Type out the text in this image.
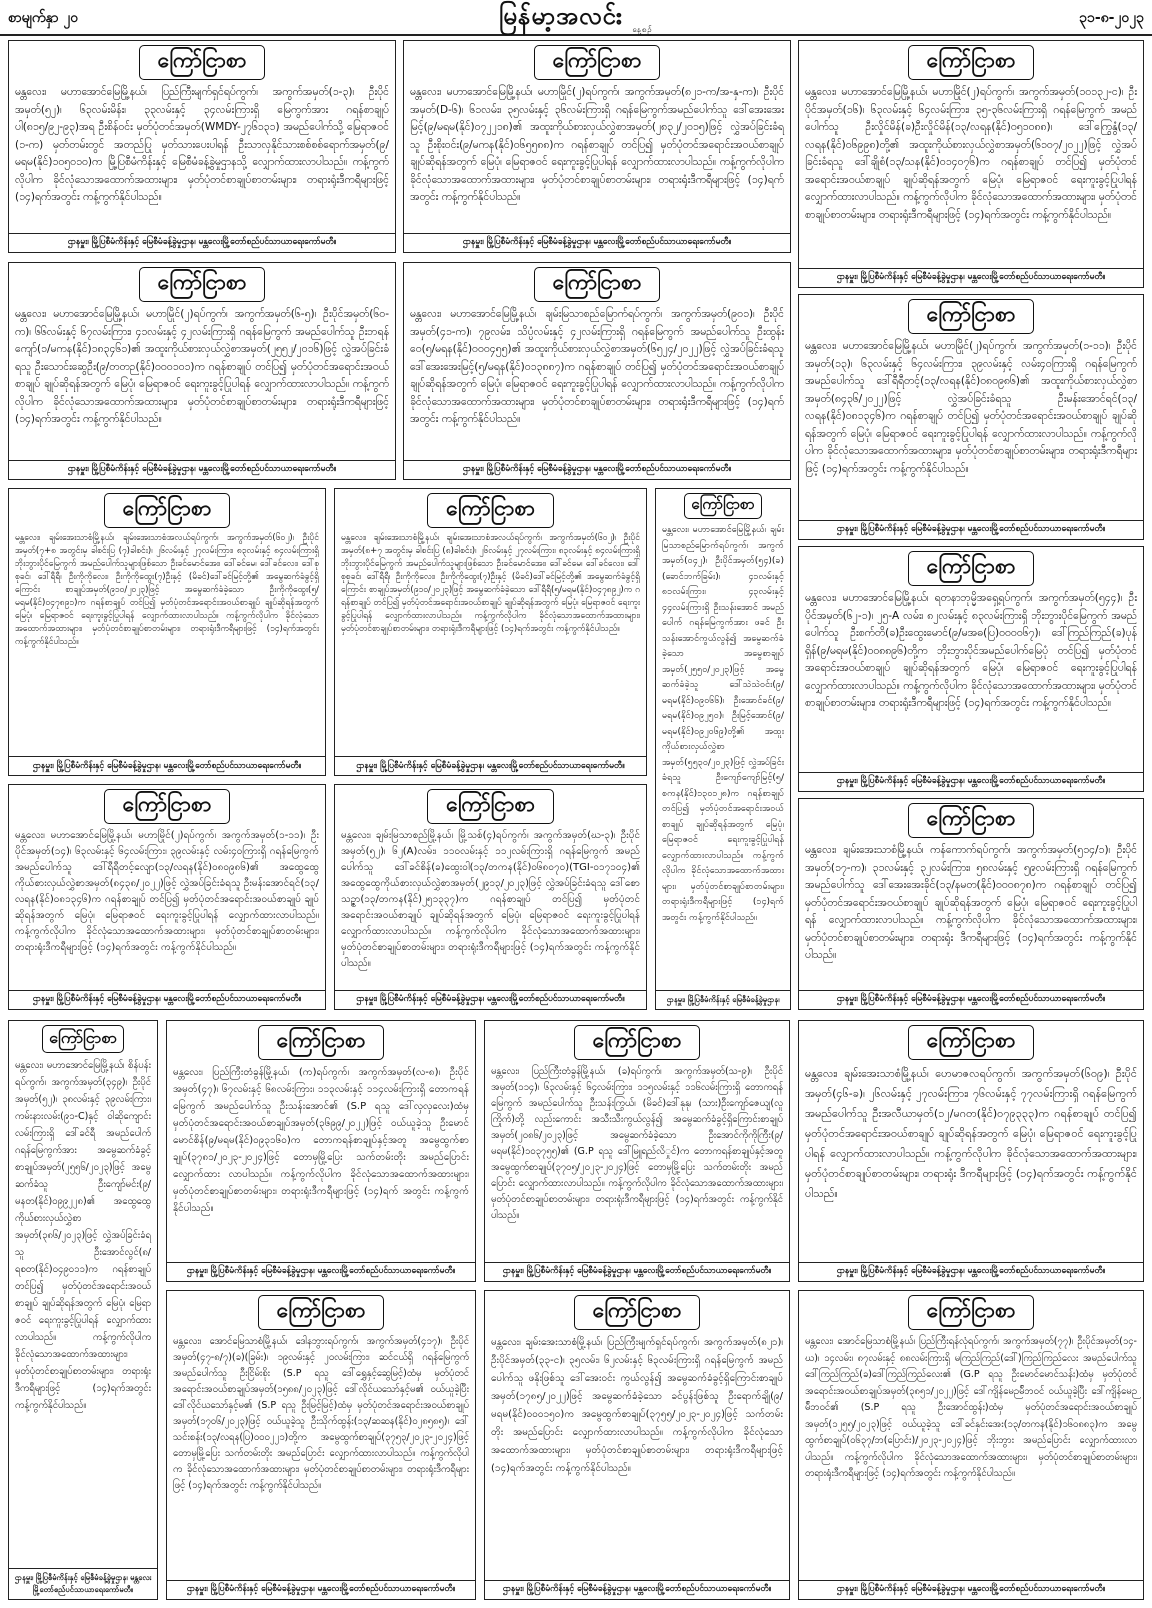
စာမျက်နှာ ၂၀	မြန်မာ့အလင်း နေ့စဉ်
၃၁-၈-၂၀၂၃
ကြော်ငြာစာ
မန္တလေး၊ မဟာအောင်မြေမြို့နယ်၊ ပြည်ကြီးမျက်ရှင်ရပ်ကွက်၊ အကွက်အမှတ်(၁-၃)၊ ဦးပိုင်အမှတ်(၅၂)၊ ၆၃လမ်းမိန်း၊ ၃၃လမ်းနှင့် ၃၄လမ်းကြားရှိ မြေကွက်အား ဂရန်စာချုပ်ပါ(၈၁၅/၉၂-၉၃)အရ ဦးစိန်ဝင်း မှတ်ပုံတင်အမှတ်(WMDY-၂၇၆၁၃၁) အမည်ပေါက်သို့ မြေရာဇဝင် (၁-က) မှတ်တမ်းတွင် အတည်ပြု မှတ်သားပေးပါရန် ဦးသာလှနိုင်သားစစ်စစ်ရောက်အမှတ်(၉/မရမ(နိုင်)၁၀၅၀၁၀)က မြို့ပြစီမံကိန်းနှင့် မြေစီမံခန့်ခွဲမှုဌာနသို့ လျှောက်ထားလာပါသည်။ ကန့်ကွက်လိုပါက ခိုင်လုံသောအထောက်အထားများ၊ မှတ်ပုံတင်စာချုပ်စာတမ်းများ၊ တရားရုံးဒီကရီများဖြင့် (၁၄)ရက်အတွင်း ကန့်ကွက်နိုင်ပါသည်။
ဌာနမှူး၊ မြို့ပြစီမံကိန်းနှင့် မြေစီမံခန့်ခွဲမှုဌာန၊ မန္တလေးမြို့တော်စည်ပင်သာယာရေးကော်မတီ။
ကြော်ငြာစာ
မန္တလေး၊ မဟာအောင်မြေမြို့နယ်၊ မဟာမြိုင်(၂)ရပ်ကွက်၊ အကွက်အမှတ်(၈၂၁-က/အ-နှ-က)၊ ဦးပိုင်အမှတ်(D-၆)၊ ၆၁လမ်း၊ ၃၅လမ်းနှင့် ၃၆လမ်းကြားရှိ ဂရန်မြေကွက်အမည်ပေါက်သူ ဒေါ်အေးအေးမြင့်(၉/မရမ(နိုင်)၀၇၂၂၁၈)၏ အထူးကိုယ်စားလှယ်လွှဲစာအမှတ်(၂၈၃၂/၂၀၁၅)ဖြင့် လွှဲအပ်ခြင်းခံရသူ ဦးစိုးဝင်း(၉/မကန(နိုင်)၀၆၅၅၈၈)က ဂရန်စာချုပ် တင်ပြ၍ မှတ်ပုံတင်အရောင်းအဝယ်စာချုပ် ချုပ်ဆိုရန်အတွက် မြေပုံ၊ မြေရာဇဝင် ရေးကူးခွင့်ပြုပါရန် လျှောက်ထားလာပါသည်။ ကန့်ကွက်လိုပါက ခိုင်လုံသောအထောက်အထားများ၊ မှတ်ပုံတင်စာချုပ်စာတမ်းများ၊ တရားရုံးဒီကရီများဖြင့် (၁၄)ရက်အတွင်း ကန့်ကွက်နိုင်ပါသည်။
ဌာနမှူး၊ မြို့ပြစီမံကိန်းနှင့် မြေစီမံခန့်ခွဲမှုဌာန၊ မန္တလေးမြို့တော်စည်ပင်သာယာရေးကော်မတီ။
ကြော်ငြာစာ
မန္တလေး၊ မဟာအောင်မြေမြို့နယ်၊ မဟာမြိုင်(၂)ရပ်ကွက်၊ အကွက်အမှတ်(၁၀၁၃၂-င)၊ ဦးပိုင်အမှတ်(၁၆)၊ ၆၃လမ်းနှင့် ၆၄လမ်းကြား၊ ၃၅-၃၆လမ်းကြားရှိ ဂရန်မြေကွက် အမည်ပေါက်သူ ဦးလှိုင်မိန်(ခ)ဦးလှိုင်မိန်(၁၃/လရန(နိုင်)၀၅၁၀၈၈)၊ ဒေါ်ကြွေနွံ(၁၃/လရန(နိုင်)၀၆၉၉၈)တို့၏ အထူးကိုယ်စားလှယ်လွှဲစာအမှတ်(၆၁၀၇/၂၀၂၂)ဖြင့် လွှဲအပ်ခြင်းခံရသူ ဒေါ်ချိုစံ(၁၃/သန(နိုင်)၀၁၄၀၇၆)က ဂရန်စာချုပ် တင်ပြ၍ မှတ်ပုံတင်အရောင်းအဝယ်စာချုပ် ချုပ်ဆိုရန်အတွက် မြေပုံ၊ မြေရာဇဝင် ရေးကူးခွင့်ပြုပါရန် လျှောက်ထားလာပါသည်။ ကန့်ကွက်လိုပါက ခိုင်လုံသောအထောက်အထားများ၊ မှတ်ပုံတင်စာချုပ်စာတမ်းများ၊ တရားရုံးဒီကရီများဖြင့် (၁၄)ရက်အတွင်း ကန့်ကွက်နိုင်ပါသည်။
ဌာနမှူး၊ မြို့ပြစီမံကိန်းနှင့် မြေစီမံခန့်ခွဲမှုဌာန၊ မန္တလေးမြို့တော်စည်ပင်သာယာရေးကော်မတီ။
ကြော်ငြာစာ
မန္တလေး၊ မဟာအောင်မြေမြို့နယ်၊ မဟာမြိုင်(၂)ရပ်ကွက်၊ အကွက်အမှတ်(၆-၅)၊ ဦးပိုင်အမှတ်(၆၀-က)၊ ၆၆လမ်းနှင့် ၆၇လမ်းကြား၊ ၄၁လမ်းနှင့် ၄၂လမ်းကြားရှိ ဂရန်မြေကွက် အမည်ပေါက်သူ ဦးဘရန်ကျော်(၁/မကန(နိုင်)၁၈၃၄၆၁)၏ အထူးကိုယ်စားလှယ်လွှဲစာအမှတ်(၂၅၅၂/၂၀၁၆)ဖြင့် လွှဲအပ်ခြင်းခံရသူ ဦးသောင်းဆွေဦး(၉/တတဉ(နိုင်)၀၀၀၁၀၁)က ဂရန်စာချုပ် တင်ပြ၍ မှတ်ပုံတင်အရောင်းအဝယ်စာချုပ် ချုပ်ဆိုရန်အတွက် မြေပုံ၊ မြေရာဇဝင် ရေးကူးခွင့်ပြုပါရန် လျှောက်ထားလာပါသည်။ ကန့်ကွက်လိုပါက ခိုင်လုံသောအထောက်အထားများ၊ မှတ်ပုံတင်စာချုပ်စာတမ်းများ၊ တရားရုံးဒီကရီများဖြင့် (၁၄)ရက်အတွင်း ကန့်ကွက်နိုင်ပါသည်။
ဌာနမှူး၊ မြို့ပြစီမံကိန်းနှင့် မြေစီမံခန့်ခွဲမှုဌာန၊ မန္တလေးမြို့တော်စည်ပင်သာယာရေးကော်မတီ။
ကြော်ငြာစာ
မန္တလေး၊ မဟာအောင်မြေမြို့နယ်၊ ချမ်းမြသာစည်မြောက်ရပ်ကွက်၊ အကွက်အမှတ်(၉၀၁)၊ ဦးပိုင်အမှတ်(၄၁-က)၊ ၇၉လမ်း၊ သိပ္ပံလမ်းနှင့် ၄၂လမ်းကြားရှိ ဂရန်မြေကွက် အမည်ပေါက်သူ ဦးထွန်းဝေ(၅/မရန(နိုင်)၀၀၀၄၅၅)၏ အထူးကိုယ်စားလှယ်လွှဲစာအမှတ်(၆၅၂၄/၂၀၂၂)ဖြင့် လွှဲအပ်ခြင်းခံရသူ ဒေါ်အေးအေးမြင့်(၅/မရန(နိုင်)၀၁၃၈၈၇)က ဂရန်စာချုပ် တင်ပြ၍ မှတ်ပုံတင်အရောင်းအဝယ်စာချုပ် ချုပ်ဆိုရန်အတွက် မြေပုံ၊ မြေရာဇဝင် ရေးကူးခွင့်ပြုပါရန် လျှောက်ထားလာပါသည်။ ကန့်ကွက်လိုပါက ခိုင်လုံသောအထောက်အထားများ၊ မှတ်ပုံတင်စာချုပ်စာတမ်းများ၊ တရားရုံးဒီကရီများဖြင့် (၁၄)ရက်အတွင်း ကန့်ကွက်နိုင်ပါသည်။
ဌာနမှူး၊ မြို့ပြစီမံကိန်းနှင့် မြေစီမံခန့်ခွဲမှုဌာန၊ မန္တလေးမြို့တော်စည်ပင်သာယာရေးကော်မတီ။
ကြော်ငြာစာ
မန္တလေး၊ မဟာအောင်မြေမြို့နယ်၊ မဟာမြိုင်(၂)ရပ်ကွက်၊ အကွက်အမှတ်(၁-၁၁)၊ ဦးပိုင်အမှတ်(၁၃)၊ ၆၃လမ်းနှင့် ၆၄လမ်းကြား၊ ၃၉လမ်းနှင့် လမ်း၄၀ကြားရှိ ဂရန်မြေကွက် အမည်ပေါက်သူ ဒေါ်ရီရီတင့်(၁၃/လရန(နိုင်)၀၈၀၉၈၆)၏ အထူးကိုယ်စားလှယ်လွှဲစာအမှတ်(၈၄၃၆/၂၀၂၂)ဖြင့် လွှဲအပ်ခြင်းခံရသူ ဦးမန်းအောင်ရင်(၁၃/လရန(နိုင်)၀၈၁၃၄၆)က ဂရန်စာချုပ် တင်ပြ၍ မှတ်ပုံတင်အရောင်းအဝယ်စာချုပ် ချုပ်ဆိုရန်အတွက် မြေပုံ၊ မြေရာဇဝင် ရေးကူးခွင့်ပြုပါရန် လျှောက်ထားလာပါသည်။ ကန့်ကွက်လိုပါက ခိုင်လုံသောအထောက်အထားများ၊ မှတ်ပုံတင်စာချုပ်စာတမ်းများ၊ တရားရုံးဒီကရီများဖြင့် (၁၄)ရက်အတွင်း ကန့်ကွက်နိုင်ပါသည်။
ဌာနမှူး၊ မြို့ပြစီမံကိန်းနှင့် မြေစီမံခန့်ခွဲမှုဌာန၊ မန္တလေးမြို့တော်စည်ပင်သာယာရေးကော်မတီ။
ကြော်ငြာစာ
မန္တလေး၊ ချမ်းအေးသာစံမြို့နယ်၊ ချမ်းအေးသာစံအလယ်ရပ်ကွက်၊ အကွက်အမှတ်(၆၀၂)၊ ဦးပိုင်အမှတ်(၇+၈ အတွင်းမှ ခါစင်းပြ (၇)ခါစင်း)၊ ၂၆လမ်းနှင့် ၂၇လမ်းကြား၊ ၈၃လမ်းနှင့် ၈၄လမ်းကြားရှိ ဘိုးဘွားပိုင်မြေကွက် အမည်ပေါက်သူများဖြစ်သော ဦးခင်မောင်အေး၊ ဒေါ်ခင်မေ၊ ဒေါ်ခင်လေး၊ ဒေါ်စုစုခင်၊ ဒေါ်ရီရီ၊ ဦးကိုကိုလေး၊ ဦးကိုကိုထွေး(၇)ဦးနှင့် (မိခင်)ဒေါ်ခင်မြင့်တို့၏ အမွေဆက်ခံခွင့်ရှိကြောင်း စာချုပ်အမှတ်(၉၁၀/၂၀၂၃)ဖြင့် အမွေဆက်ခံခဲ့သော ဦးကိုကိုထွေး(၅/မရမ(နိုင်)၀၄၇၈၉၁)က ဂရန်စာချုပ် တင်ပြ၍ မှတ်ပုံတင်အရောင်းအဝယ်စာချုပ် ချုပ်ဆိုရန်အတွက် မြေပုံ၊ မြေရာဇဝင် ရေးကူးခွင့်ပြုပါရန် လျှောက်ထားလာပါသည်။ ကန့်ကွက်လိုပါက ခိုင်လုံသောအထောက်အထားများ၊ မှတ်ပုံတင်စာချုပ်စာတမ်းများ၊ တရားရုံးဒီကရီများဖြင့် (၁၄)ရက်အတွင်း ကန့်ကွက်နိုင်ပါသည်။
ဌာနမှူး၊ မြို့ပြစီမံကိန်းနှင့် မြေစီမံခန့်ခွဲမှုဌာန၊ မန္တလေးမြို့တော်စည်ပင်သာယာရေးကော်မတီ။
ကြော်ငြာစာ
မန္တလေး၊ ချမ်းအေးသာစံမြို့နယ်၊ ချမ်းအေးသာစံအလယ်ရပ်ကွက်၊ အကွက်အမှတ်(၆၀၂)၊ ဦးပိုင်အမှတ်(၈+၇ အတွင်းမှ ခါစင်းပြ (၈)ခါစင်း)၊ ၂၆လမ်းနှင့် ၂၇လမ်းကြား၊ ၈၃လမ်းနှင့် ၈၄လမ်းကြားရှိ ဘိုးဘွားပိုင်မြေကွက် အမည်ပေါက်သူများဖြစ်သော ဦးခင်မောင်အေး၊ ဒေါ်ခင်မေ၊ ဒေါ်ခင်လေး၊ ဒေါ်စုစုခင်၊ ဒေါ်ရီရီ၊ ဦးကိုကိုလေး၊ ဦးကိုကိုထွေး(၇)ဦးနှင့် (မိခင်)ဒေါ်ခင်မြင့်တို့၏ အမွေဆက်ခံခွင့်ရှိကြောင်း စာချုပ်အမှတ်(၉၁၀/၂၀၂၃)ဖြင့် အမွေဆက်ခံခဲ့သော ဒေါ်ရီရီ(၅/မရမ(နိုင်)၀၄၇၈၉၂)က ဂရန်စာချုပ် တင်ပြ၍ မှတ်ပုံတင်အရောင်းအဝယ်စာချုပ် ချုပ်ဆိုရန်အတွက် မြေပုံ၊ မြေရာဇဝင် ရေးကူးခွင့်ပြုပါရန် လျှောက်ထားလာပါသည်။ ကန့်ကွက်လိုပါက ခိုင်လုံသောအထောက်အထားများ၊ မှတ်ပုံတင်စာချုပ်စာတမ်းများ၊ တရားရုံးဒီကရီများဖြင့် (၁၄)ရက်အတွင်း ကန့်ကွက်နိုင်ပါသည်။
ဌာနမှူး၊ မြို့ပြစီမံကိန်းနှင့် မြေစီမံခန့်ခွဲမှုဌာန၊ မန္တလေးမြို့တော်စည်ပင်သာယာရေးကော်မတီ။
ကြော်ငြာစာ
မန္တလေး၊ မဟာအောင်မြေမြို့နယ်၊ ချမ်းမြသာစည်မြောက်ရပ်ကွက်၊ အကွက်အမှတ်(၀၄၂)၊ ဦးပိုင်အမှတ်(၅၄)(ခ)(ခောင်ဘက်ခြမ်း)၊ ၄၁လမ်းနှင့် ၈၁လမ်းကြား၊ ၄၃လမ်းနှင့် ၄၄လမ်းကြားရှိ ဦးသန်းအောင် အမည်ပေါက် ဂရန်မြေကွက်အား ဖခင် ဦးသန်းအောင်ကွယ်လွန်၍ အမွေဆက်ခံခဲ့သော အမွေစာချုပ်အမှတ်(၂၅၅၀/၂၀၂၃)ဖြင့် အမွေဆက်ခံခဲ့သူ ဒေါ်သဲသဲဝင်း(၉/မရမ(နိုင်)၀၉၀၆၆)၊ ဦးအောင်ခင်(၉/မရမ(နိုင်)၀၉၂၅၀)၊ ဦးမြင့်အောင်(၉/မရမ(နိုင်)၀၉၂၀၆၉)တို့၏ အထူးကိုယ်စားလှယ်လွှဲစာအမှတ်(၅၅၃၀/၂၀၂၃)ဖြင့် လွှဲအပ်ခြင်းခံရသူ ဦးကျော်ကျော်မြင့်(၅/စကန(နိုင်)၁၃၀၁၂၈)က ဂရန်စာချုပ် တင်ပြ၍ မှတ်ပုံတင်အရောင်းအဝယ်စာချုပ် ချုပ်ဆိုရန်အတွက် မြေပုံ၊ မြေရာဇဝင် ရေးကူးခွင့်ပြုပါရန် လျှောက်ထားလာပါသည်။ ကန့်ကွက်လိုပါက ခိုင်လုံသောအထောက်အထားများ၊ မှတ်ပုံတင်စာချုပ်စာတမ်းများ၊ တရားရုံးဒီကရီများဖြင့် (၁၄)ရက်အတွင်း ကန့်ကွက်နိုင်ပါသည်။
ဌာနမှူး၊ မြို့ပြစီမံကိန်းနှင့် မြေစီမံခန့်ခွဲမှုဌာန၊
ကြော်ငြာစာ
မန္တလေး၊ မဟာအောင်မြေမြို့နယ်၊ ရတနာဘုမ္မိအရှေ့ရပ်ကွက်၊ အကွက်အမှတ်(၅၄၄)၊ ဦးပိုင်အမှတ်(၆၂-၁)၊ ၂၅-A လမ်း၊ ၈၂လမ်းနှင့် ၈၃လမ်းကြားရှိ ဘိုးဘွားပိုင်မြေကွက် အမည်ပေါက်သူ ဦးစက်တိ(ခ)ဦးထွေးမောင်(၉/မအဓ(ပြ)၀၀၀၀၆၇)၊ ဒေါ်ကြည်ကြည်(ခ)ပုန်ရှိန်(၉/မရမ(နိုင်)၀၀၈၈၉၆)တို့က ဘိုးဘွားပိုင်အမည်ပေါက်မြေပုံ တင်ပြ၍ မှတ်ပုံတင်အရောင်းအဝယ်စာချုပ် ချုပ်ဆိုရန်အတွက် မြေပုံ၊ မြေရာဇဝင် ရေးကူးခွင့်ပြုပါရန် လျှောက်ထားလာပါသည်။ ကန့်ကွက်လိုပါက ခိုင်လုံသောအထောက်အထားများ၊ မှတ်ပုံတင်စာချုပ်စာတမ်းများ၊ တရားရုံးဒီကရီများဖြင့် (၁၄)ရက်အတွင်း ကန့်ကွက်နိုင်ပါသည်။
ဌာနမှူး၊ မြို့ပြစီမံကိန်းနှင့် မြေစီမံခန့်ခွဲမှုဌာန၊ မန္တလေးမြို့တော်စည်ပင်သာယာရေးကော်မတီ။
ကြော်ငြာစာ
မန္တလေး၊ မဟာအောင်မြေမြို့နယ်၊ မဟာမြိုင်(၂)ရပ်ကွက်၊ အကွက်အမှတ်(၁-၁၁)၊ ဦးပိုင်အမှတ်(၁၄)၊ ၆၃လမ်းနှင့် ၆၄လမ်းကြား၊ ၃၉လမ်းနှင့် လမ်း၄၀ကြားရှိ ဂရန်မြေကွက် အမည်ပေါက်သူ ဒေါ်ရီရီတင့်လျော(၁၃/လရန(နိုင်)၀၈၀၉၈၆)၏ အထွေထွေကိုယ်စားလှယ်လွှဲစာအမှတ်(၈၄၃၈/၂၀၂၂)ဖြင့် လွှဲအပ်ခြင်းခံရသူ ဦးမန်းအောင်ရင်(၁၃/လရန(နိုင်)၀၈၁၃၄၆)က ဂရန်စာချုပ် တင်ပြ၍ မှတ်ပုံတင်အရောင်းအဝယ်စာချုပ် ချုပ်ဆိုရန်အတွက် မြေပုံ၊ မြေရာဇဝင် ရေးကူးခွင့်ပြုပါရန် လျှောက်ထားလာပါသည်။ ကန့်ကွက်လိုပါက ခိုင်လုံသောအထောက်အထားများ၊ မှတ်ပုံတင်စာချုပ်စာတမ်းများ၊ တရားရုံးဒီကရီများဖြင့် (၁၄)ရက်အတွင်း ကန့်ကွက်နိုင်ပါသည်။
ဌာနမှူး၊ မြို့ပြစီမံကိန်းနှင့် မြေစီမံခန့်ခွဲမှုဌာန၊ မန္တလေးမြို့တော်စည်ပင်သာယာရေးကော်မတီ။
ကြော်ငြာစာ
မန္တလေး၊ ချမ်းမြသာစည်မြို့နယ်၊ မြို့သစ်(၄)ရပ်ကွက်၊ အကွက်အမှတ်(ဃ-၃)၊ ဦးပိုင်အမှတ်(၅၂)၊ ၆၂(A)လမ်း၊ ၁၁၀လမ်းနှင့် ၁၁၂လမ်းကြားရှိ ဂရန်မြေကွက် အမည်ပေါက်သူ ဒေါ်ခင်စိန်(ခ)ထွေးဝါ(၁၃/တကန(နိုင်)၀၆၈၀၇၀)(TGI-၀၁၇၁၀၄)၏ အထွေထွေကိုယ်စားလှယ်လွှဲစာအမှတ်(၂၉၁၃/၂၀၂၃)ဖြင့် လွှဲအပ်ခြင်းခံရသူ ဒေါ်စောသဉ္ဇာ(၁၃/တကန(နိုင်)၂၅၁၃၃၇)က ဂရန်စာချုပ် တင်ပြ၍ မှတ်ပုံတင်အရောင်းအဝယ်စာချုပ် ချုပ်ဆိုရန်အတွက် မြေပုံ၊ မြေရာဇဝင် ရေးကူးခွင့်ပြုပါရန် လျှောက်ထားလာပါသည်။ ကန့်ကွက်လိုပါက ခိုင်လုံသောအထောက်အထားများ၊ မှတ်ပုံတင်စာချုပ်စာတမ်းများ၊ တရားရုံးဒီကရီများဖြင့် (၁၄)ရက်အတွင်း ကန့်ကွက်နိုင်ပါသည်။
ဌာနမှူး၊ မြို့ပြစီမံကိန်းနှင့် မြေစီမံခန့်ခွဲမှုဌာန၊ မန္တလေးမြို့တော်စည်ပင်သာယာရေးကော်မတီ။
ကြော်ငြာစာ
မန္တလေး၊ ချမ်းအေးသာစံမြို့နယ်၊ ကန်ကောက်ရပ်ကွက်၊ အကွက်အမှတ်(၅၁၄/၁)၊ ဦးပိုင်အမှတ်(၁၇-က)၊ ၃၁လမ်းနှင့် ၃၂လမ်းကြား၊ ၅၈လမ်းနှင့် ၅၉လမ်းကြားရှိ ဂရန်မြေကွက် အမည်ပေါက်သူ ဒေါ်အေးအေးခိုင်(၁၃/နမတ(နိုင်)၀၀၀၈၇၈)က ဂရန်စာချုပ် တင်ပြ၍ မှတ်ပုံတင်အရောင်းအဝယ်စာချုပ် ချုပ်ဆိုရန်အတွက် မြေပုံ၊ မြေရာဇဝင် ရေးကူးခွင့်ပြုပါရန် လျှောက်ထားလာပါသည်။ ကန့်ကွက်လိုပါက ခိုင်လုံသောအထောက်အထားများ၊ မှတ်ပုံတင်စာချုပ်စာတမ်းများ၊ တရားရုံး ဒီကရီများဖြင့် (၁၄)ရက်အတွင်း ကန့်ကွက်နိုင်ပါသည်။
ဌာနမှူး၊ မြို့ပြစီမံကိန်းနှင့် မြေစီမံခန့်ခွဲမှုဌာန၊ မန္တလေးမြို့တော်စည်ပင်သာယာရေးကော်မတီ။
ကြော်ငြာစာ
မန္တလေး၊ မဟာအောင်မြေမြို့နယ်၊ စိန်ပန်းရပ်ကွက်၊ အကွက်အမှတ်(၃၄၉)၊ ဦးပိုင်အမှတ်(၅၂)၊ ၃၈လမ်းနှင့် ၃၉လမ်းကြား၊ ကမ်းနားလမ်း(၉၁-C)နှင့် ဝါဆိုကျောင်းလမ်းကြားရှိ ဒေါ်ခင်ရီ အမည်ပေါက် ဂရန်မြေကွက်အား အမွေဆက်ခံခွင့်စာချုပ်အမှတ်(၂၅၅၆/၂၀၂၃)ဖြင့် အမွေဆက်ခံသူ ဦးကျော်မင်း(၉/မနတ(နိုင်)၀၉၉၂၂၈)၏ အထွေထွေကိုယ်စားလှယ်လွှဲစာအမှတ်(၃၈၆/၂၀၂၃)ဖြင့် လွှဲအပ်ခြင်းခံရသူ ဦးအောင်လွင်(၈/ရစတ(နိုင်)၀၄၉၀၁၁)က ဂရန်စာချုပ် တင်ပြ၍ မှတ်ပုံတင်အရောင်းအဝယ်စာချုပ် ချုပ်ဆိုရန်အတွက် မြေပုံ၊ မြေရာဇဝင် ရေးကူးခွင့်ပြုပါရန် လျှောက်ထားလာပါသည်။ ကန့်ကွက်လိုပါက ခိုင်လုံသောအထောက်အထားများ၊ မှတ်ပုံတင်စာချုပ်စာတမ်းများ၊ တရားရုံးဒီကရီများဖြင့် (၁၄)ရက်အတွင်း ကန့်ကွက်နိုင်ပါသည်။
ဌာနမှူး၊ မြို့ပြစီမံကိန်းနှင့် မြေစီမံခန့်ခွဲမှုဌာန၊ မန္တလေးမြို့တော်စည်ပင်သာယာရေးကော်မတီ။
ကြော်ငြာစာ
မန္တလေး၊ ပြည်ကြီးတံခွန်မြို့နယ်၊ (က)ရပ်ကွက်၊ အကွက်အမှတ်(လ-၈)၊ ဦးပိုင်အမှတ်(၄၇)၊ ၆၇လမ်းနှင့် ၆၈လမ်းကြား၊ ၁၁၃လမ်းနှင့် ၁၁၄လမ်းကြားရှိ တောကရန်မြေကွက် အမည်ပေါက်သူ ဦးသန်းအောင်၏ (S.P ရသူ ဒေါ်လှလှလေး)ထံမှ မှတ်ပုံတင်အရောင်းအဝယ်စာချုပ်အမှတ်(၃၆၉၉/၂၀၂၂)ဖြင့် ဝယ်ယူခဲ့သူ ဦးမောင်မောင်စိန်(၉/မရမ(နိုင်)၀၉၃၁၆၀)က တောကရန်စာချုပ်နှင့်အတူ အမွေထွက်စာချုပ်(၃၇၈၁/၂၀၂၃-၂၀၂၄)ဖြင့် တောမှမြို့ပြေး သက်တမ်းတိုး အမည်ပြောင်း လျှောက်ထား လာပါသည်။ ကန့်ကွက်လိုပါက ခိုင်လုံသောအထောက်အထားများ၊ မှတ်ပုံတင်စာချုပ်စာတမ်းများ၊ တရားရုံးဒီကရီများဖြင့် (၁၄)ရက် အတွင်း ကန့်ကွက်နိုင်ပါသည်။
ဌာနမှူး၊ မြို့ပြစီမံကိန်းနှင့် မြေစီမံခန့်ခွဲမှုဌာန၊ မန္တလေးမြို့တော်စည်ပင်သာယာရေးကော်မတီ။
ကြော်ငြာစာ
မန္တလေး၊ ပြည်ကြီးတံခွန်မြို့နယ်၊ (ခ)ရပ်ကွက်၊ အကွက်အမှတ်(သ-၉)၊ ဦးပိုင်အမှတ်(၁၁၄)၊ ၆၃လမ်းနှင့် ၆၄လမ်းကြား၊ ၁၁၅လမ်းနှင့် ၁၁၆လမ်းကြားရှိ တောကရန်မြေကွက် အမည်ပေါက်သူ ဦးသန်းကြွယ်၊ (မိခင်)ဒေါ်နုနု၊ (သား)ဦးကျော်ဇေယျ(လူကြိုက်)တို့ လည်းကောင်း အသီးသီးကွယ်လွန်၍ အမွေဆက်ခံခွင့်ရှိကြောင်းစာချုပ်အမှတ်(၂၀၈၆/၂၀၂၃)ဖြင့် အမွေဆက်ခံခဲ့သော ဦးအောင်ကိုကိုကြီး(၉/မရမ(နိုင်)၁၀၃၇၅၅)၏ (G.P ရသူ ဒေါ်မြူရည်လိှုင်)က တောကရန်စာချုပ်နှင့်အတူ အမွေထွက်စာချုပ်(၃၇၀၅/၂၀၂၃-၂၀၂၄)ဖြင့် တောမှမြို့ပြေး သက်တမ်းတိုး အမည်ပြောင်း လျှောက်ထားလာပါသည်။ ကန့်ကွက်လိုပါက ခိုင်လုံသောအထောက်အထားများ၊ မှတ်ပုံတင်စာချုပ်စာတမ်းများ၊ တရားရုံးဒီကရီများဖြင့် (၁၄)ရက်အတွင်း ကန့်ကွက်နိုင်ပါသည်။
ဌာနမှူး၊ မြို့ပြစီမံကိန်းနှင့် မြေစီမံခန့်ခွဲမှုဌာန၊ မန္တလေးမြို့တော်စည်ပင်သာယာရေးကော်မတီ။
ကြော်ငြာစာ
မန္တလေး၊ ချမ်းအေးသာစံမြို့နယ်၊ ဟေမာဇလရပ်ကွက်၊ အကွက်အမှတ်(၆၀၉)၊ ဦးပိုင်အမှတ်(၄၆-ခ)၊ ၂၆လမ်းနှင့် ၂၇လမ်းကြား၊ ၇၆လမ်းနှင့် ၇၇လမ်းကြားရှိ ဂရန်မြေကွက် အမည်ပေါက်သူ ဦးအလီယာမှတ်(၁၂/မဂတ(နိုင်)၀၇၉၃၃၃)က ဂရန်စာချုပ် တင်ပြ၍ မှတ်ပုံတင်အရောင်းအဝယ်စာချုပ် ချုပ်ဆိုရန်အတွက် မြေပုံ၊ မြေရာဇဝင် ရေးကူးခွင့်ပြုပါရန် လျှောက်ထားလာပါသည်။ ကန့်ကွက်လိုပါက ခိုင်လုံသောအထောက်အထားများ၊ မှတ်ပုံတင်စာချုပ်စာတမ်းများ၊ တရားရုံး ဒီကရီများဖြင့် (၁၄)ရက်အတွင်း ကန့်ကွက်နိုင်ပါသည်။
ဌာနမှူး၊ မြို့ပြစီမံကိန်းနှင့် မြေစီမံခန့်ခွဲမှုဌာန၊ မန္တလေးမြို့တော်စည်ပင်သာယာရေးကော်မတီ။
ကြော်ငြာစာ
မန္တလေး၊ အောင်မြေသာစံမြို့နယ်၊ ဒေါနဘွားရပ်ကွက်၊ အကွက်အမှတ်(၄၁၇)၊ ဦးပိုင်အမှတ်(၄၇-၈/၇)(ခ)(ခြမ်း)၊ ၁၉လမ်းနှင့် ၂၀လမ်းကြား၊ ဆင်ငယ်ရှိ ဂရန်မြေကွက် အမည်ပေါက်သူ ဦးငြိမ်းစိုး (S.P ရသူ ဒေါ်ရွှေနှင့်ဆွေမြင့်)ထံမှ မှတ်ပုံတင်အရောင်းအဝယ်စာချုပ်အမှတ်(၁၅၈၈/၂၀၂၃)ဖြင့် ဒေါ်လိုင်ယသော်နှင့်မ၏ ဝယ်ယူခဲ့ပြီး ဒေါ်လိုင်ယသော်နှင့်မ၏ (S.P ရသူ ဦးမြင့်မြင့်)ထံမှ မှတ်ပုံတင်အရောင်းအဝယ်စာချုပ်အမှတ်(၁၇၀၆/၂၀၂၃)ဖြင့် ဝယ်ယူခဲ့သူ ဦးသိုက်ထွန်း(၁၃/ဆဆန(နိုင်)၀၂၈၅၈၅)၊ ဒေါ်သင်းစန်း(၁၃/လရန(ပြ)၀၀၀၂၂၁)တို့က အမွေထွက်စာချုပ်(၃၇၅၃/၂၀၂၃-၂၀၂၄)ဖြင့် တောမှမြို့ပြေး သက်တမ်းတိုး အမည်ပြောင်း လျှောက်ထားလာပါသည်။ ကန့်ကွက်လိုပါက ခိုင်လုံသောအထောက်အထားများ၊ မှတ်ပုံတင်စာချုပ်စာတမ်းများ၊ တရားရုံးဒီကရီများဖြင့် (၁၄)ရက်အတွင်း ကန့်ကွက်နိုင်ပါသည်။
ဌာနမှူး၊ မြို့ပြစီမံကိန်းနှင့် မြေစီမံခန့်ခွဲမှုဌာန၊ မန္တလေးမြို့တော်စည်ပင်သာယာရေးကော်မတီ။
ကြော်ငြာစာ
မန္တလေး၊ ချမ်းအေးသာစံမြို့နယ်၊ ပြည်ကြီးမျက်ရှင်ရပ်ကွက်၊ အကွက်အမှတ်(၈၂၁)၊ ဦးပိုင်အမှတ်(၃၃-င)၊ ၃၅လမ်း၊ ၆၂လမ်းနှင့် ၆၃လမ်းကြားရှိ ဂရန်မြေကွက် အမည်ပေါက်သူ ဖနိုးဖြစ်သူ ဒေါ်အေးဝင်း ကွယ်လွန်၍ အမွေဆက်ခံခွင့်ရှိကြောင်းစာချုပ်အမှတ်(၁၇၈၅/၂၀၂၂)ဖြင့် အမွေဆက်ခံခဲ့သော ခင်ပွန်းဖြစ်သူ ဦးရောက်ချို(၉/မရမ(နိုင်)၀၀၀၁၅၀)က အမွေထွက်စာချုပ်(၃၇၅၅/၂၀၂၃-၂၀၂၄)ဖြင့် သက်တမ်းတိုး အမည်ပြောင်း လျှောက်ထားလာပါသည်။ ကန့်ကွက်လိုပါက ခိုင်လုံသောအထောက်အထားများ၊ မှတ်ပုံတင်စာချုပ်စာတမ်းများ၊ တရားရုံးဒီကရီများဖြင့် (၁၄)ရက်အတွင်း ကန့်ကွက်နိုင်ပါသည်။
ဌာနမှူး၊ မြို့ပြစီမံကိန်းနှင့် မြေစီမံခန့်ခွဲမှုဌာန၊ မန္တလေးမြို့တော်စည်ပင်သာယာရေးကော်မတီ။
ကြော်ငြာစာ
မန္တလေး၊ အောင်မြေသာစံမြို့နယ်၊ ပြည်ကြီးရန်လုံရပ်ကွက်၊ အကွက်အမှတ်(၇၇)၊ ဦးပိုင်အမှတ်(၁၄-ဃ)၊ ၁၄လမ်း၊ ၈၇လမ်းနှင့် ၈၈လမ်းကြားရှိ မကြည်ကြည်(ဒေါ်)ကြည်ကြည်လေး အမည်ပေါက်သူ ဒေါ်ကြည်ကြည်(ခ)ဒေါ်ကြည်ကြည်လေး၏ (G.P ရသူ ဦးမောင်မောင်သန်း)ထံမှ မှတ်ပုံတင်အရောင်းအဝယ်စာချုပ်အမှတ်(၃၈၅၁/၂၀၂၂)ဖြင့် ဒေါ်ကျိန်မေဉမ်ိဘဝင် ဝယ်ယူခဲ့ပြီး ဒေါ်ကျိန်မေဉမ်ိဘဝင်၏ (S.P ရသူ ဦးအောင်ထွန်း)ထံမှ မှတ်ပုံတင်အရောင်းအဝယ်စာချုပ်အမှတ်(၁၂၅၅/၂၀၂၃)ဖြင့် ဝယ်ယူခဲ့သူ ဒေါ်ခင်နှင်းအေး(၁၃/တကန(နိုင်)၁၆၀၈၈၃)က အမွေထွက်စာချုပ်(၀၆၃၇/ဘ(ပြောင်း)/၂၀၂၃-၂၀၂၄)ဖြင့် ဘိုးဘွား အမည်ပြောင်း လျှောက်ထားလာပါသည်။ ကန့်ကွက်လိုပါက ခိုင်လုံသောအထောက်အထားများ၊ မှတ်ပုံတင်စာချုပ်စာတမ်းများ၊ တရားရုံးဒီကရီများဖြင့် (၁၄)ရက်အတွင်း ကန့်ကွက်နိုင်ပါသည်။
ဌာနမှူး၊ မြို့ပြစီမံကိန်းနှင့် မြေစီမံခန့်ခွဲမှုဌာန၊ မန္တလေးမြို့တော်စည်ပင်သာယာရေးကော်မတီ။
